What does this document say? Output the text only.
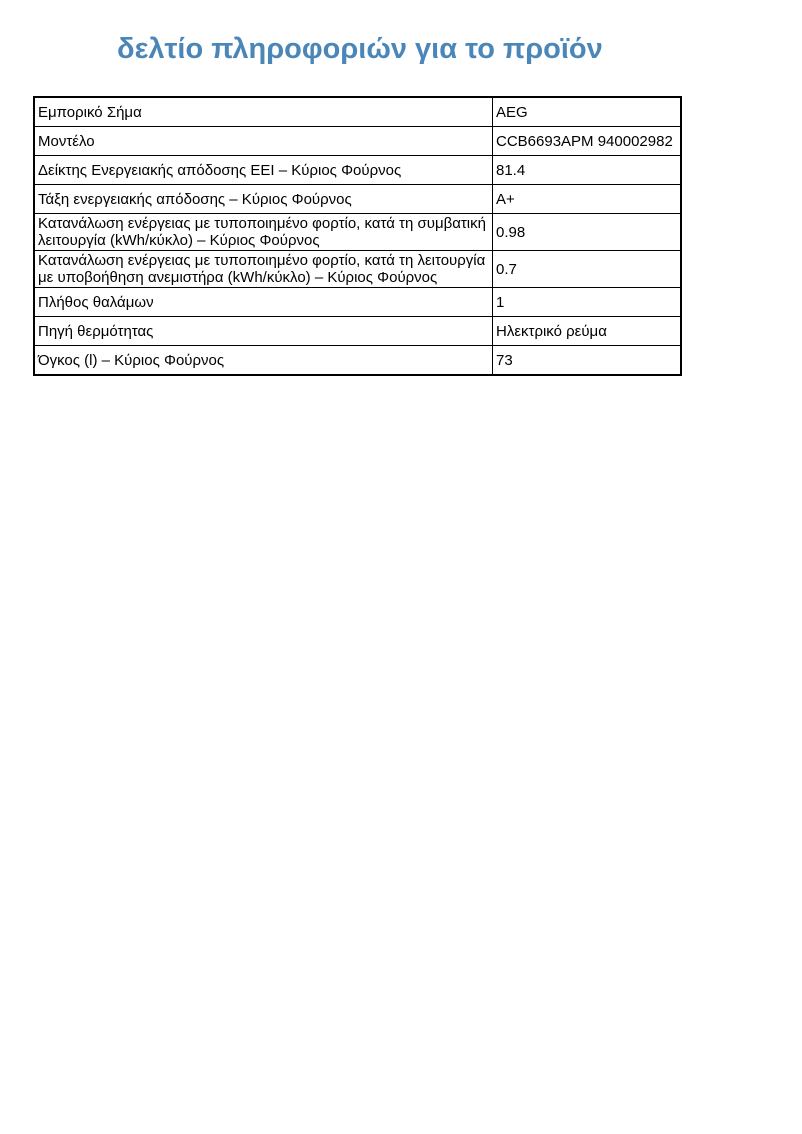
δελτίο πληροφοριών για το προϊόν
Εμπορικό Σήμα	AEG
Μοντέλο	CCB6693APM 940002982
Δείκτης Ενεργειακής απόδοσης EEI – Κύριος Φούρνος	81.4
Τάξη ενεργειακής απόδοσης – Κύριος Φούρνος	A+
Κατανάλωση ενέργειας με τυποποιημένο φορτίο, κατά τη συμβατική λειτουργία (kWh/κύκλο) – Κύριος Φούρνος	0.98
Κατανάλωση ενέργειας με τυποποιημένο φορτίο, κατά τη λειτουργία με υποβοήθηση ανεμιστήρα (kWh/κύκλο) – Κύριος Φούρνος	0.7
Πλήθος θαλάμων	1
Πηγή θερμότητας	Ηλεκτρικό ρεύμα
Όγκος (l) – Κύριος Φούρνος	73
